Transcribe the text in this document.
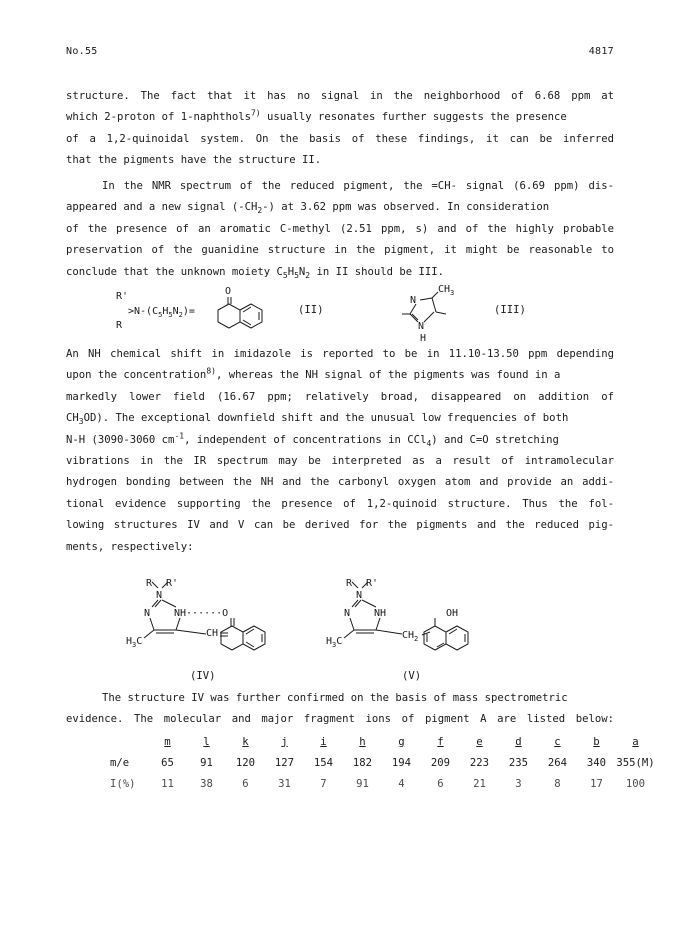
No.55	4817
structure. The fact that it has no signal in the neighborhood of 6.68 ppm at
which 2-proton of 1-naphthols$^{7)}$ usually resonates further suggests the presence
of a 1,2-quinoidal system. On the basis of these findings, it can be inferred
that the pigments have the structure II.
In the NMR spectrum of the reduced pigment, the =CH- signal (6.69 ppm) dis-
appeared and a new signal $(-CH_2-)$ at 3.62 ppm was observed. In consideration
of the presence of an aromatic C-methyl (2.51 ppm, s) and of the highly probable
preservation of the guanidine structure in the pigment, it might be reasonable to
conclude that the unknown moiety $C_5H_5N_2$ in II should be III.
R'
R
$>N-(C_5H_5N_2)=$
O
(II)
N
N
H
$CH_3$
(III)
An NH chemical shift in imidazole is reported to be in 11.10-13.50 ppm depending
upon the concentration$^{8)}$, whereas the NH signal of the pigments was found in a
markedly lower field (16.67 ppm; relatively broad, disappeared on addition of
$CH_3OD$). The exceptional downfield shift and the unusual low frequencies of both
N-H (3090-3060 $cm^{-1}$, independent of concentrations in CCl$_4$) and C=O stretching
vibrations in the IR spectrum may be interpreted as a result of intramolecular
hydrogen bonding between the NH and the carbonyl oxygen atom and provide an addi-
tional evidence supporting the presence of 1,2-quinoid structure. Thus the fol-
lowing structures IV and V can be derived for the pigments and the reduced pig-
ments, respectively:
R R'
N
N NH······O
$H_3C$
CH
(IV)
R R'
N
N NH	OH
$H_3C$
$CH_2$
(V)
The structure IV was further confirmed on the basis of mass spectrometric
evidence. The molecular and major fragment ions of pigment A are listed below:
	m	l	k	j	i	h	g	f	e	d	c	b	a
m/e	65	91	120	127	154	182	194	209	223	235	264	340	355(M)
I(%)	11	38	6	31	7	91	4	6	21	3	8	17	100
